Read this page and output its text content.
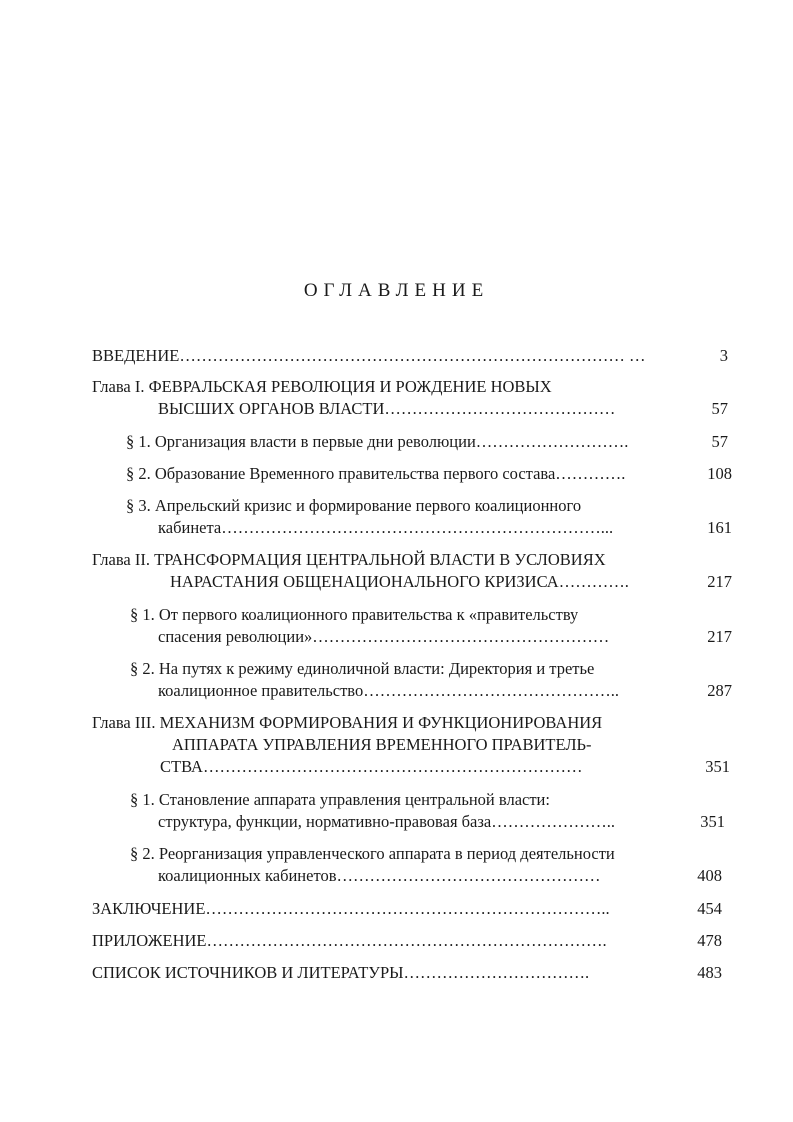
ОГЛАВЛЕНИЕ
ВВЕДЕНИЕ……………………………………………………………………… …	3
Глава I. ФЕВРАЛЬСКАЯ РЕВОЛЮЦИЯ И РОЖДЕНИЕ НОВЫХ
ВЫСШИХ ОРГАНОВ ВЛАСТИ……………………………………	57
§ 1. Организация власти в первые дни революции……………………….	57
§ 2. Образование Временного правительства первого состава………….	108
§ 3. Апрельский кризис и формирование первого коалиционного
кабинета……………………………………………………………...	161
Глава II. ТРАНСФОРМАЦИЯ ЦЕНТРАЛЬНОЙ ВЛАСТИ В УСЛОВИЯХ
НАРАСТАНИЯ ОБЩЕНАЦИОНАЛЬНОГО КРИЗИСА………….	217
§ 1. От первого коалиционного правительства к «правительству
спасения революции»………………………………………………	217
§ 2. На путях к режиму единоличной власти: Директория и третье
коалиционное правительство………………………………………..	287
Глава III. МЕХАНИЗМ ФОРМИРОВАНИЯ И ФУНКЦИОНИРОВАНИЯ
АППАРАТА УПРАВЛЕНИЯ ВРЕМЕННОГО ПРАВИТЕЛЬ-
СТВА……………………………………………………………	351
§ 1. Становление аппарата управления центральной власти:
структура, функции, нормативно-правовая база…………………..	351
§ 2. Реорганизация управленческого аппарата в период деятельности
коалиционных кабинетов…………………………………………	408
ЗАКЛЮЧЕНИЕ………………………………………………………………..	454
ПРИЛОЖЕНИЕ……………………………………………………………….	478
СПИСОК ИСТОЧНИКОВ И ЛИТЕРАТУРЫ…………………………….	483
